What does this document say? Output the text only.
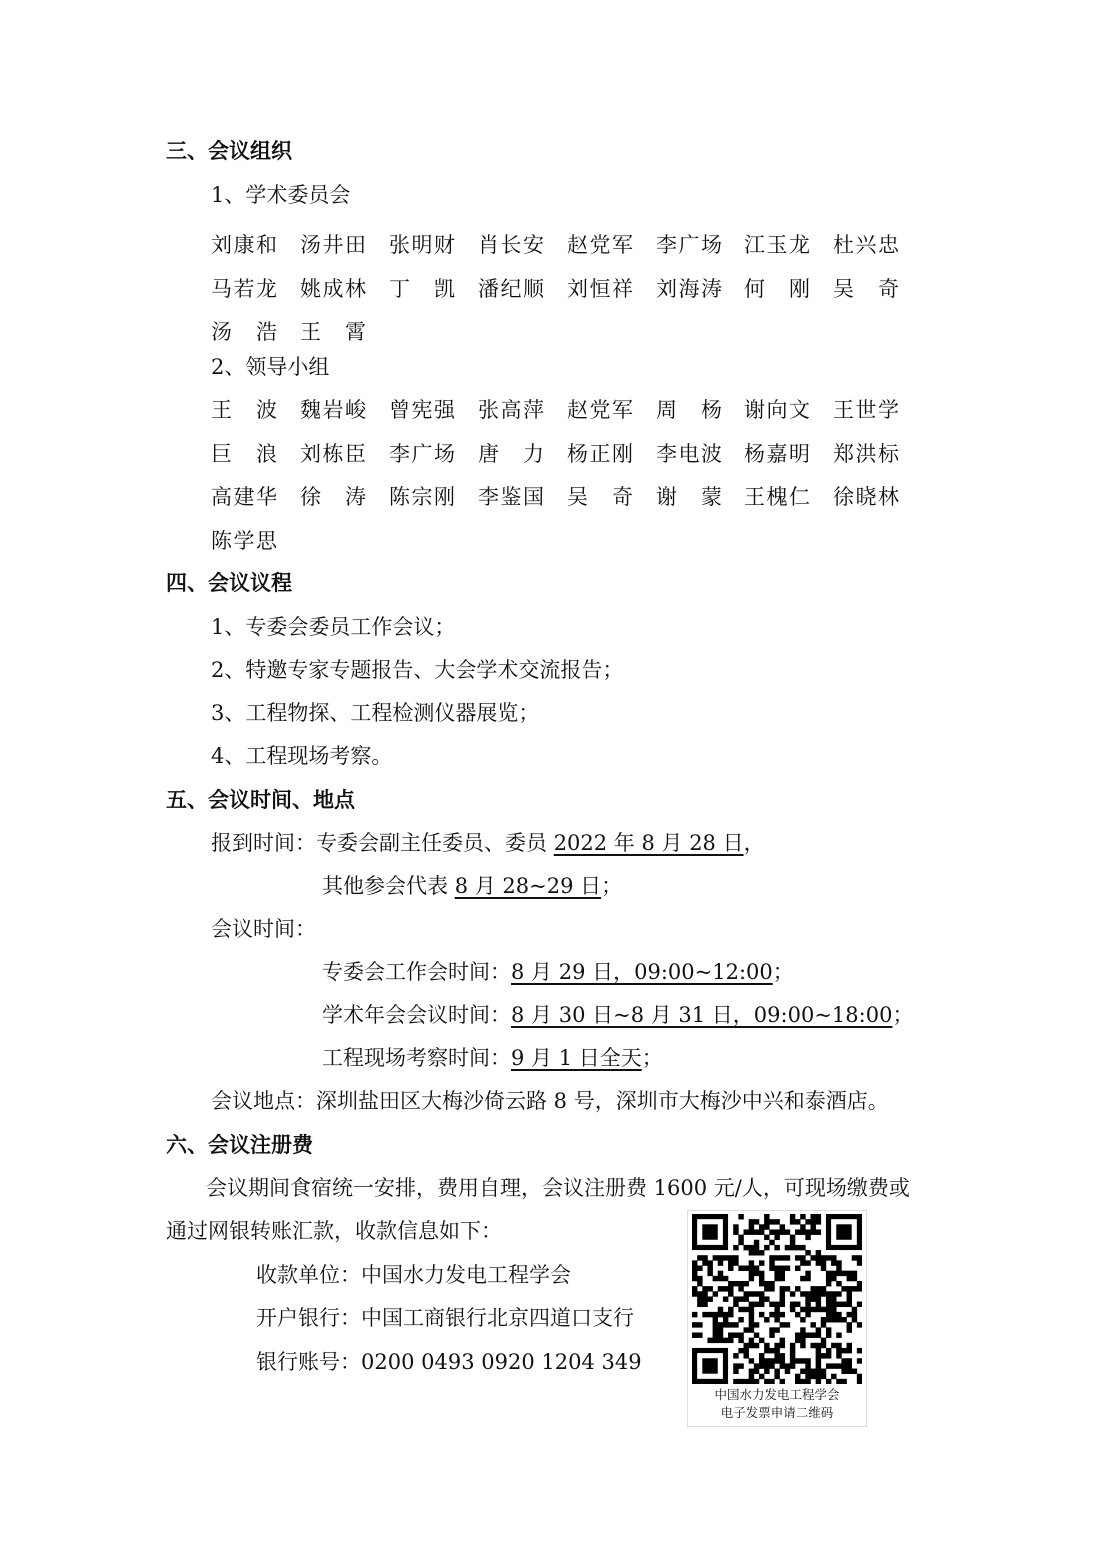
三、会议组织
1、学术委员会
刘康和 汤井田 张明财 肖长安 赵党军 李广场 江玉龙 杜兴忠
马若龙 姚成林 丁 凯 潘纪顺 刘恒祥 刘海涛 何 刚 吴 奇
汤 浩 王 霄
2、领导小组
王 波 魏岩峻 曾宪强 张高萍 赵党军 周 杨 谢向文 王世学
巨 浪 刘栋臣 李广场 唐 力 杨正刚 李电波 杨嘉明 郑洪标
高建华 徐 涛 陈宗刚 李鉴国 吴 奇 谢 蒙 王槐仁 徐晓林
陈学思
四、会议议程
1、专委会委员工作会议；
2、特邀专家专题报告、大会学术交流报告；
3、工程物探、工程检测仪器展览；
4、工程现场考察。
五、会议时间、地点
报到时间：专委会副主任委员、委员 2022 年 8 月 28 日，
其他参会代表 8 月 28~29 日；
会议时间：
专委会工作会时间：8 月 29 日，09:00~12:00；
学术年会会议时间：8 月 30 日~8 月 31 日，09:00~18:00；
工程现场考察时间：9 月 1 日全天；
会议地点：深圳盐田区大梅沙倚云路 8 号，深圳市大梅沙中兴和泰酒店。
六、会议注册费
会议期间食宿统一安排，费用自理，会议注册费 1600 元/人，可现场缴费或
通过网银转账汇款，收款信息如下：
收款单位：中国水力发电工程学会
开户银行：中国工商银行北京四道口支行
银行账号：0200 0493 0920 1204 349
中国水力发电工程学会
电子发票申请二维码
